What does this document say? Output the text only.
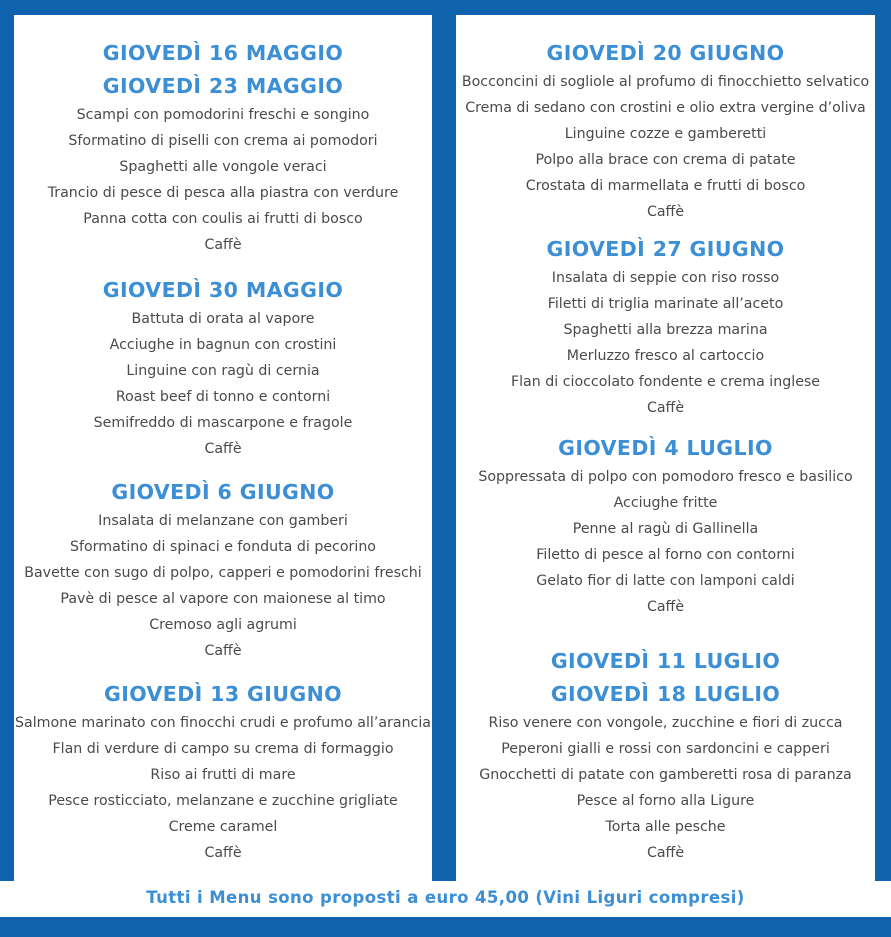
GIOVEDÌ 16 MAGGIO
GIOVEDÌ 23 MAGGIO
Scampi con pomodorini freschi e songino
Sformatino di piselli con crema ai pomodori
Spaghetti alle vongole veraci
Trancio di pesce di pesca alla piastra con verdure
Panna cotta con coulis ai frutti di bosco
Caffè
GIOVEDÌ 30 MAGGIO
Battuta di orata al vapore
Acciughe in bagnun con crostini
Linguine con ragù di cernia
Roast beef di tonno e contorni
Semifreddo di mascarpone e fragole
Caffè
GIOVEDÌ 6 GIUGNO
Insalata di melanzane con gamberi
Sformatino di spinaci e fonduta di pecorino
Bavette con sugo di polpo, capperi e pomodorini freschi
Pavè di pesce al vapore con maionese al timo
Cremoso agli agrumi
Caffè
GIOVEDÌ 13 GIUGNO
Salmone marinato con finocchi crudi e profumo all’arancia
Flan di verdure di campo su crema di formaggio
Riso ai frutti di mare
Pesce rosticciato, melanzane e zucchine grigliate
Creme caramel
Caffè
GIOVEDÌ 20 GIUGNO
Bocconcini di sogliole al profumo di finocchietto selvatico
Crema di sedano con crostini e olio extra vergine d’oliva
Linguine cozze e gamberetti
Polpo alla brace con crema di patate
Crostata di marmellata e frutti di bosco
Caffè
GIOVEDÌ 27 GIUGNO
Insalata di seppie con riso rosso
Filetti di triglia marinate all’aceto
Spaghetti alla brezza marina
Merluzzo fresco al cartoccio
Flan di cioccolato fondente e crema inglese
Caffè
GIOVEDÌ 4 LUGLIO
Soppressata di polpo con pomodoro fresco e basilico
Acciughe fritte
Penne al ragù di Gallinella
Filetto di pesce al forno con contorni
Gelato fior di latte con lamponi caldi
Caffè
GIOVEDÌ 11 LUGLIO
GIOVEDÌ 18 LUGLIO
Riso venere con vongole, zucchine e fiori di zucca
Peperoni gialli e rossi con sardoncini e capperi
Gnocchetti di patate con gamberetti rosa di paranza
Pesce al forno alla Ligure
Torta alle pesche
Caffè
Tutti i Menu sono proposti a euro 45,00 (Vini Liguri compresi)
